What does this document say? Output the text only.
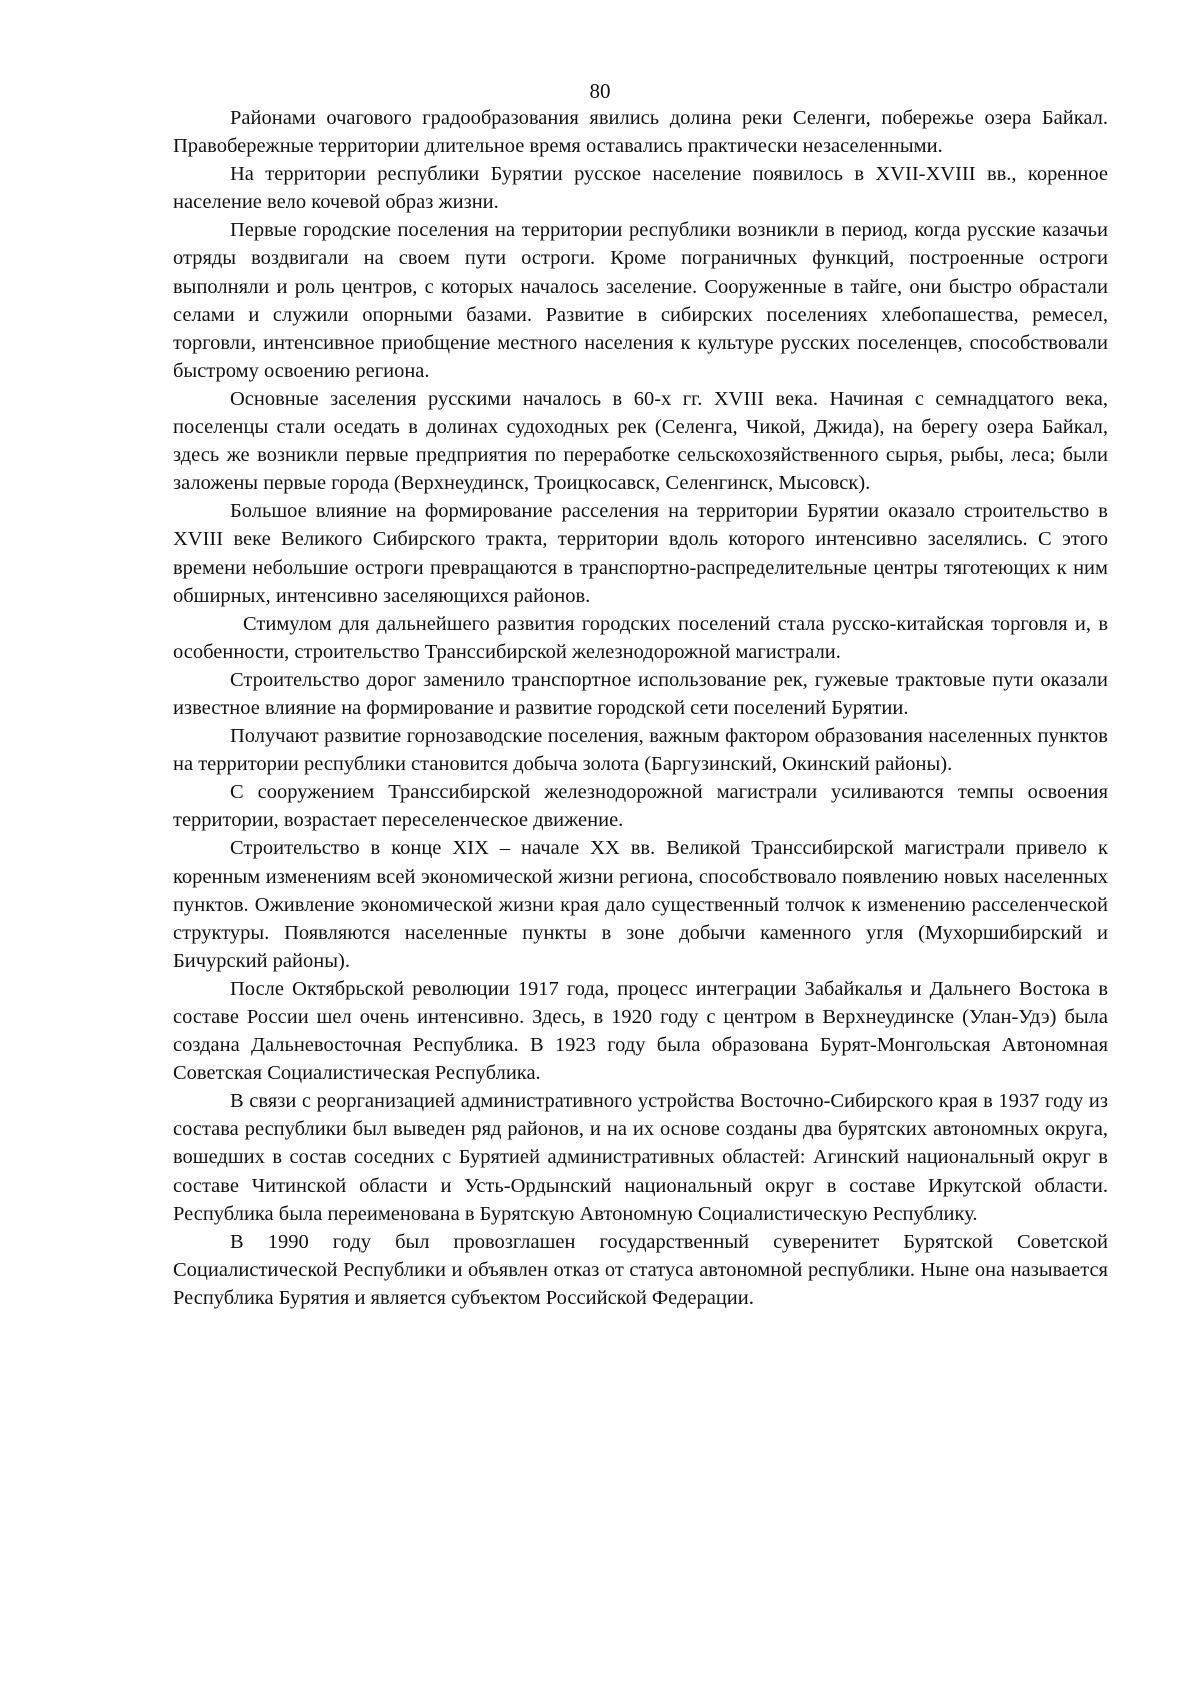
80

Районами очагового градообразования явились долина реки Селенги, побережье озера Байкал. Правобережные территории длительное время оставались практически незаселенными.

На территории республики Бурятии русское население появилось в XVII-XVIII вв., коренное население вело кочевой образ жизни.

Первые городские поселения на территории республики возникли в период, когда русские казачьи отряды воздвигали на своем пути остроги. Кроме пограничных функций, построенные остроги выполняли и роль центров, с которых началось заселение. Сооруженные в тайге, они быстро обрастали селами и служили опорными базами. Развитие в сибирских поселениях хлебопашества, ремесел, торговли, интенсивное приобщение местного населения к культуре русских поселенцев, способствовали быстрому освоению региона.

Основные заселения русскими началось в 60-х гг. XVIII века. Начиная с семнадцатого века, поселенцы стали оседать в долинах судоходных рек (Селенга, Чикой, Джида), на берегу озера Байкал, здесь же возникли первые предприятия по переработке сельскохозяйственного сырья, рыбы, леса; были заложены первые города (Верхнеудинск, Троицкосавск, Селенгинск, Мысовск).

Большое влияние на формирование расселения на территории Бурятии оказало строительство в XVIII веке Великого Сибирского тракта, территории вдоль которого интенсивно заселялись. С этого времени небольшие остроги превращаются в транспортно-распределительные центры тяготеющих к ним обширных, интенсивно заселяющихся районов.

Стимулом для дальнейшего развития городских поселений стала русско-китайская торговля и, в особенности, строительство Транссибирской железнодорожной магистрали.

Строительство дорог заменило транспортное использование рек, гужевые трактовые пути оказали известное влияние на формирование и развитие городской сети поселений Бурятии.

Получают развитие горнозаводские поселения, важным фактором образования населенных пунктов на территории республики становится добыча золота (Баргузинский, Окинский районы).

С сооружением Транссибирской железнодорожной магистрали усиливаются темпы освоения территории, возрастает переселенческое движение.

Строительство в конце XIX – начале XX вв. Великой Транссибирской магистрали привело к коренным изменениям всей экономической жизни региона, способствовало появлению новых населенных пунктов. Оживление экономической жизни края дало существенный толчок к изменению расселенческой структуры. Появляются населенные пункты в зоне добычи каменного угля (Мухоршибирский и Бичурский районы).

После Октябрьской революции 1917 года, процесс интеграции Забайкалья и Дальнего Востока в составе России шел очень интенсивно. Здесь, в 1920 году с центром в Верхнеудинске (Улан-Удэ) была создана Дальневосточная Республика. В 1923 году была образована Бурят-Монгольская Автономная Советская Социалистическая Республика.

В связи с реорганизацией административного устройства Восточно-Сибирского края в 1937 году из состава республики был выведен ряд районов, и на их основе созданы два бурятских автономных округа, вошедших в состав соседних с Бурятией административных областей: Агинский национальный округ в составе Читинской области и Усть-Ордынский национальный округ в составе Иркутской области. Республика была переименована в Бурятскую Автономную Социалистическую Республику.

В 1990 году был провозглашен государственный суверенитет Бурятской Советской Социалистической Республики и объявлен отказ от статуса автономной республики. Ныне она называется Республика Бурятия и является субъектом Российской Федерации.
